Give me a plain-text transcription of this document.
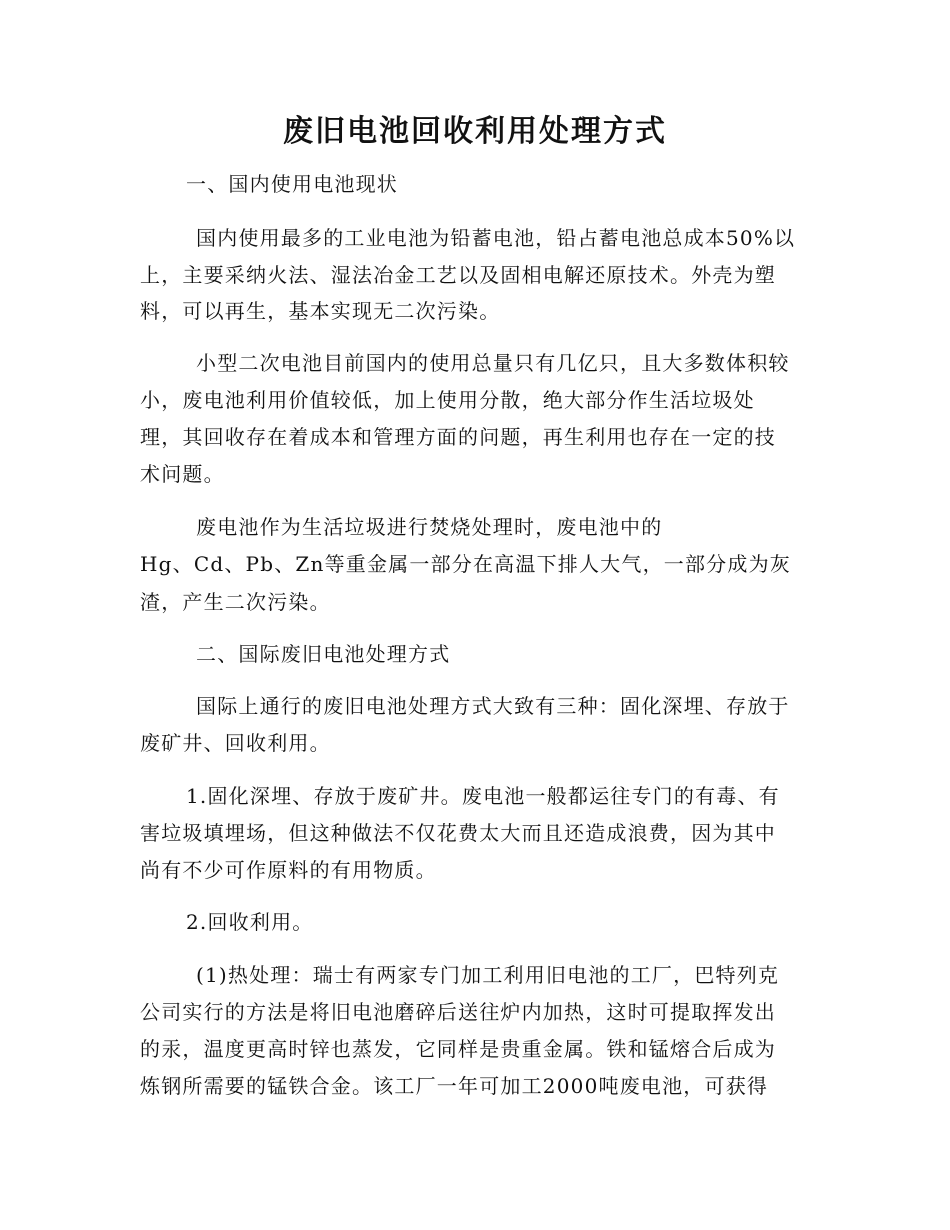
废旧电池回收利用处理方式
一、国内使用电池现状
国内使用最多的工业电池为铅蓄电池，铅占蓄电池总成本50%以
上，主要采纳火法、湿法冶金工艺以及固相电解还原技术。外壳为塑
料，可以再生，基本实现无二次污染。
小型二次电池目前国内的使用总量只有几亿只，且大多数体积较
小，废电池利用价值较低，加上使用分散，绝大部分作生活垃圾处
理，其回收存在着成本和管理方面的问题，再生利用也存在一定的技
术问题。
废电池作为生活垃圾进行焚烧处理时，废电池中的
Hg、Cd、Pb、Zn等重金属一部分在高温下排人大气，一部分成为灰
渣，产生二次污染。
二、国际废旧电池处理方式
国际上通行的废旧电池处理方式大致有三种：固化深埋、存放于
废矿井、回收利用。
1.固化深埋、存放于废矿井。废电池一般都运往专门的有毒、有
害垃圾填埋场，但这种做法不仅花费太大而且还造成浪费，因为其中
尚有不少可作原料的有用物质。
2.回收利用。
(1)热处理：瑞士有两家专门加工利用旧电池的工厂，巴特列克
公司实行的方法是将旧电池磨碎后送往炉内加热，这时可提取挥发出
的汞，温度更高时锌也蒸发，它同样是贵重金属。铁和锰熔合后成为
炼钢所需要的锰铁合金。该工厂一年可加工2000吨废电池，可获得
